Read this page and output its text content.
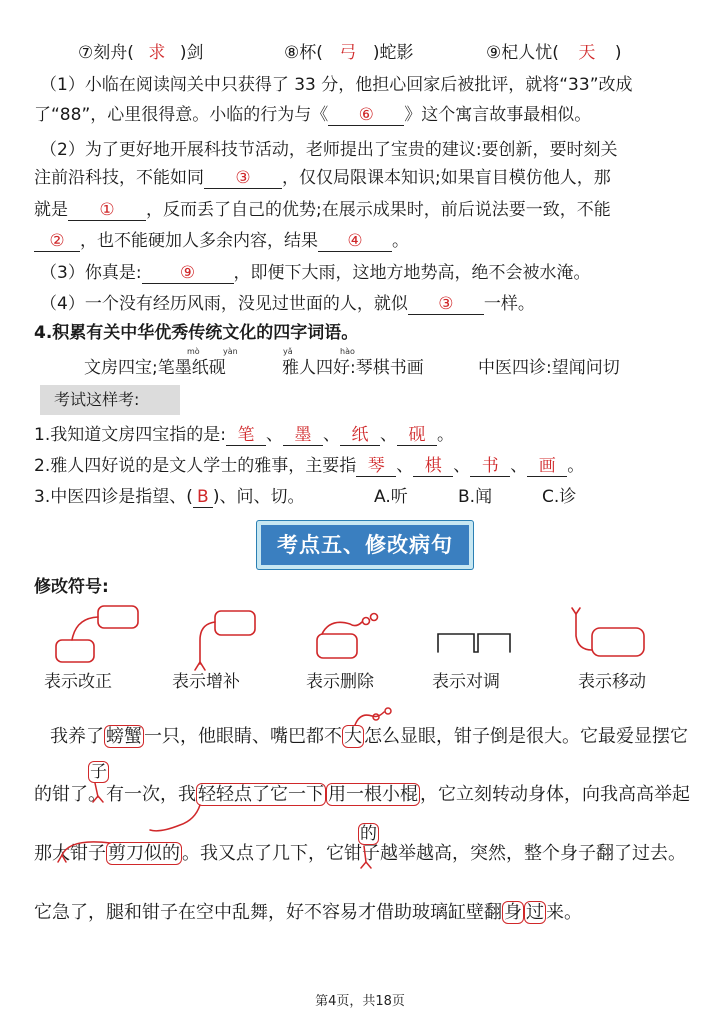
⑦刻舟( 求 )剑	⑧杯( 弓 )蛇影	⑨杞人忧( 天 )
（1）小临在阅读闯关中只获得了 33 分，他担心回家后被批评，就将“33”改成
了“88”，心里很得意。小临的行为与《 ⑥ 》这个寓言故事最相似。
（2）为了更好地开展科技节活动，老师提出了宝贵的建议:要创新，要时刻关
注前沿科技，不能如同 ③ ，仅仅局限课本知识;如果盲目模仿他人，那
就是 ① ，反而丢了自己的优势;在展示成果时，前后说法要一致，不能
② ，也不能硬加人多余内容，结果 ④ 。
（3）你真是: ⑨ ，即便下大雨，这地方地势高，绝不会被水淹。
（4）一个没有经历风雨，没见过世面的人，就似 ③ 一样。
4.积累有关中华优秀传统文化的四字词语。
mò	yàn	yǎ	hào
文房四宝;笔墨纸砚	雅人四好:琴棋书画	中医四诊:望闻问切
考试这样考:
1.我知道文房四宝指的是: 笔 、 墨 、 纸 、 砚 。
2.雅人四好说的是文人学士的雅事，主要指 琴 、 棋 、 书 、 画 。
3.中医四诊是指望、( B )、问、切。	A.听	B.闻	C.诊
考点五、修改病句
修改符号:
表示改正	表示增补	表示删除	表示对调	表示移动
我养了 螃蟹 一只，他眼睛、嘴巴都不 大 怎么显眼，钳子倒是很大。它最爱显摆它
的钳了。有一次，我 轻轻点了它一下 用一根小棍 ，它立刻转动身体，向我高高举起
那大钳子 剪刀似的 。我又点了几下，它钳子越举越高，突然，整个身子翻了过去。
它急了，腿和钳子在空中乱舞，好不容易才借助玻璃缸壁翻 身 过 来。
子
的
第4页，共18页
